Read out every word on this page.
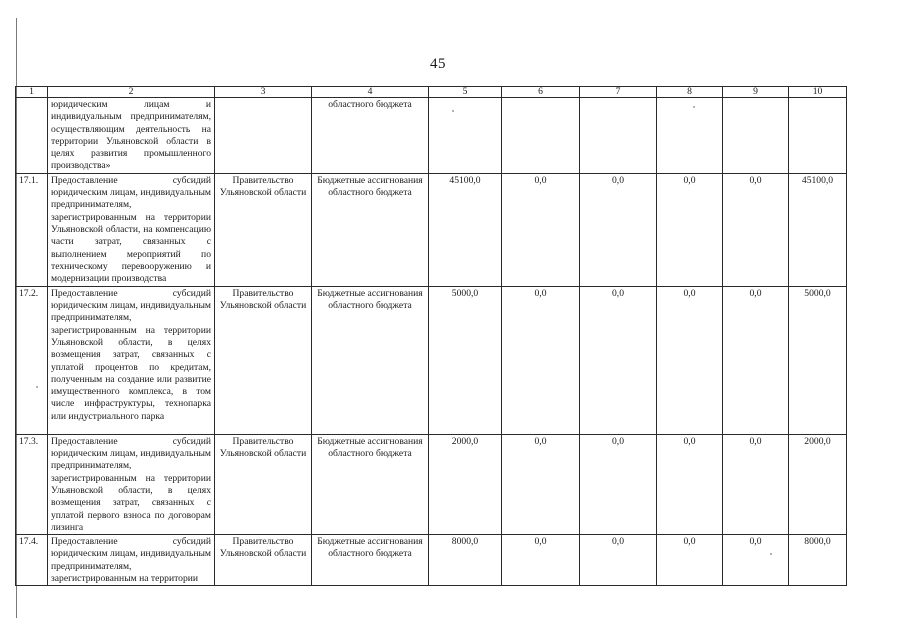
45
1	2	3	4	5	6	7	8	9	10
	юридическим лицам и индивидуальным предпринимателям, осуществляющим деятельность на территории Ульяновской области в целях развития промышленного производства»		областного бюджета						
17.1.	Предоставление субсидий юридическим лицам, индивидуальным предпринимателям, зарегистрированным на территории Ульяновской области, на компенсацию части затрат, связанных с выполнением мероприятий по техническому перевооружению и модернизации производства	Правительство Ульяновской области	Бюджетные ассигнования областного бюджета	45100,0	0,0	0,0	0,0	0,0	45100,0
17.2.	Предоставление субсидий юридическим лицам, индивидуальным предпринимателям, зарегистрированным на территории Ульяновской области, в целях возмещения затрат, связанных с уплатой процентов по кредитам, полученным на создание или развитие имущественного комплекса, в том числе инфраструктуры, технопарка или индустриального парка	Правительство Ульяновской области	Бюджетные ассигнования областного бюджета	5000,0	0,0	0,0	0,0	0,0	5000,0
17.3.	Предоставление субсидий юридическим лицам, индивидуальным предпринимателям, зарегистрированным на территории Ульяновской области, в целях возмещения затрат, связанных с уплатой первого взноса по договорам лизинга	Правительство Ульяновской области	Бюджетные ассигнования областного бюджета	2000,0	0,0	0,0	0,0	0,0	2000,0
17.4.	Предоставление субсидий юридическим лицам, индивидуальным предпринимателям, зарегистрированным на территории	Правительство Ульяновской области	Бюджетные ассигнования областного бюджета	8000,0	0,0	0,0	0,0	0,0	8000,0
